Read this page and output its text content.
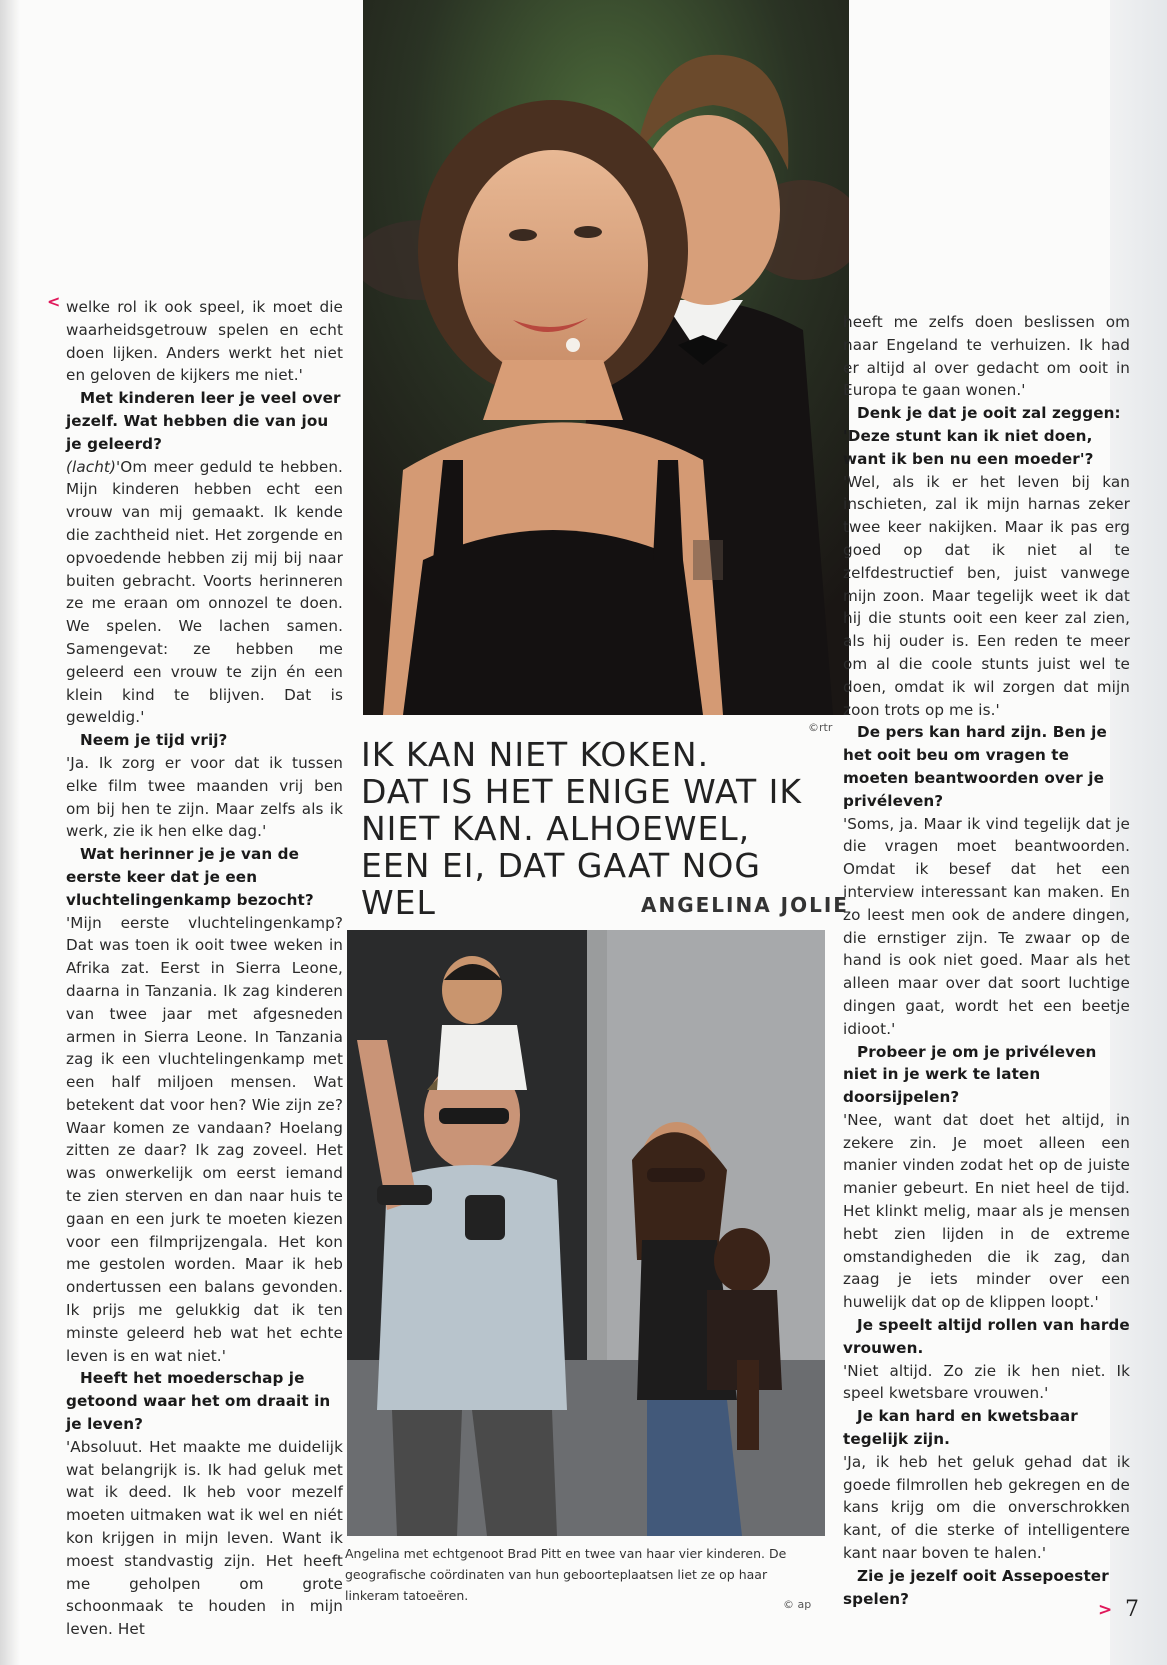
< welke rol ik ook speel, ik moet die waarheidsgetrouw spelen en echt doen lijken. Anders werkt het niet en geloven de kijkers me niet.'

Met kinderen leer je veel over jezelf. Wat hebben die van jou je geleerd?

(lacht)'Om meer geduld te hebben. Mijn kinderen hebben echt een vrouw van mij gemaakt. Ik kende die zachtheid niet. Het zorgende en opvoedende hebben zij mij bij naar buiten gebracht. Voorts herinneren ze me eraan om onnozel te doen. We spelen. We lachen samen. Samengevat: ze hebben me geleerd een vrouw te zijn én een klein kind te blijven. Dat is geweldig.'

Neem je tijd vrij?

'Ja. Ik zorg er voor dat ik tussen elke film twee maanden vrij ben om bij hen te zijn. Maar zelfs als ik werk, zie ik hen elke dag.'

Wat herinner je je van de eerste keer dat je een vluchtelingenkamp bezocht?

'Mijn eerste vluchtelingenkamp? Dat was toen ik ooit twee weken in Afrika zat. Eerst in Sierra Leone, daarna in Tanzania. Ik zag kinderen van twee jaar met afgesneden armen in Sierra Leone. In Tanzania zag ik een vluchtelingenkamp met een half miljoen mensen. Wat betekent dat voor hen? Wie zijn ze? Waar komen ze vandaan? Hoelang zitten ze daar? Ik zag zoveel. Het was onwerkelijk om eerst iemand te zien sterven en dan naar huis te gaan en een jurk te moeten kiezen voor een filmprijzengala. Het kon me gestolen worden. Maar ik heb ondertussen een balans gevonden. Ik prijs me gelukkig dat ik ten minste geleerd heb wat het echte leven is en wat niet.'

Heeft het moederschap je getoond waar het om draait in je leven?

'Absoluut. Het maakte me duidelijk wat belangrijk is. Ik had geluk met wat ik deed. Ik heb voor mezelf moeten uitmaken wat ik wel en niét kon krijgen in mijn leven. Want ik moest standvastig zijn. Het heeft me geholpen om grote schoonmaak te houden in mijn leven. Het

©rtr
IK KAN NIET KOKEN.
DAT IS HET ENIGE WAT IK
NIET KAN. ALHOEWEL,
EEN EI, DAT GAAT NOG WEL	ANGELINA JOLIE
Angelina met echtgenoot Brad Pitt en twee van haar vier kinderen. De geografische coördinaten van hun geboorteplaatsen liet ze op haar linkeram tatoeëren.
© ap

heeft me zelfs doen beslissen om naar Engeland te verhuizen. Ik had er altijd al over gedacht om ooit in Europa te gaan wonen.'

Denk je dat je ooit zal zeggen: 'Deze stunt kan ik niet doen, want ik ben nu een moeder'?

'Wel, als ik er het leven bij kan inschieten, zal ik mijn harnas zeker twee keer nakijken. Maar ik pas erg goed op dat ik niet al te zelfdestructief ben, juist vanwege mijn zoon. Maar tegelijk weet ik dat hij die stunts ooit een keer zal zien, als hij ouder is. Een reden te meer om al die coole stunts juist wel te doen, omdat ik wil zorgen dat mijn zoon trots op me is.'

De pers kan hard zijn. Ben je het ooit beu om vragen te moeten beantwoorden over je privéleven?

'Soms, ja. Maar ik vind tegelijk dat je die vragen moet beantwoorden. Omdat ik besef dat het een interview interessant kan maken. En zo leest men ook de andere dingen, die ernstiger zijn. Te zwaar op de hand is ook niet goed. Maar als het alleen maar over dat soort luchtige dingen gaat, wordt het een beetje idioot.'

Probeer je om je privéleven niet in je werk te laten doorsijpelen?

'Nee, want dat doet het altijd, in zekere zin. Je moet alleen een manier vinden zodat het op de juiste manier gebeurt. En niet heel de tijd. Het klinkt melig, maar als je mensen hebt zien lijden in de extreme omstandigheden die ik zag, dan zaag je iets minder over een huwelijk dat op de klippen loopt.'

Je speelt altijd rollen van harde vrouwen.

'Niet altijd. Zo zie ik hen niet. Ik speel kwetsbare vrouwen.'

Je kan hard en kwetsbaar tegelijk zijn.

'Ja, ik heb het geluk gehad dat ik goede filmrollen heb gekregen en de kans krijg om die onverschrokken kant, of die sterke of intelligentere kant naar boven te halen.'

Zie je jezelf ooit Assepoester spelen?

> 7
